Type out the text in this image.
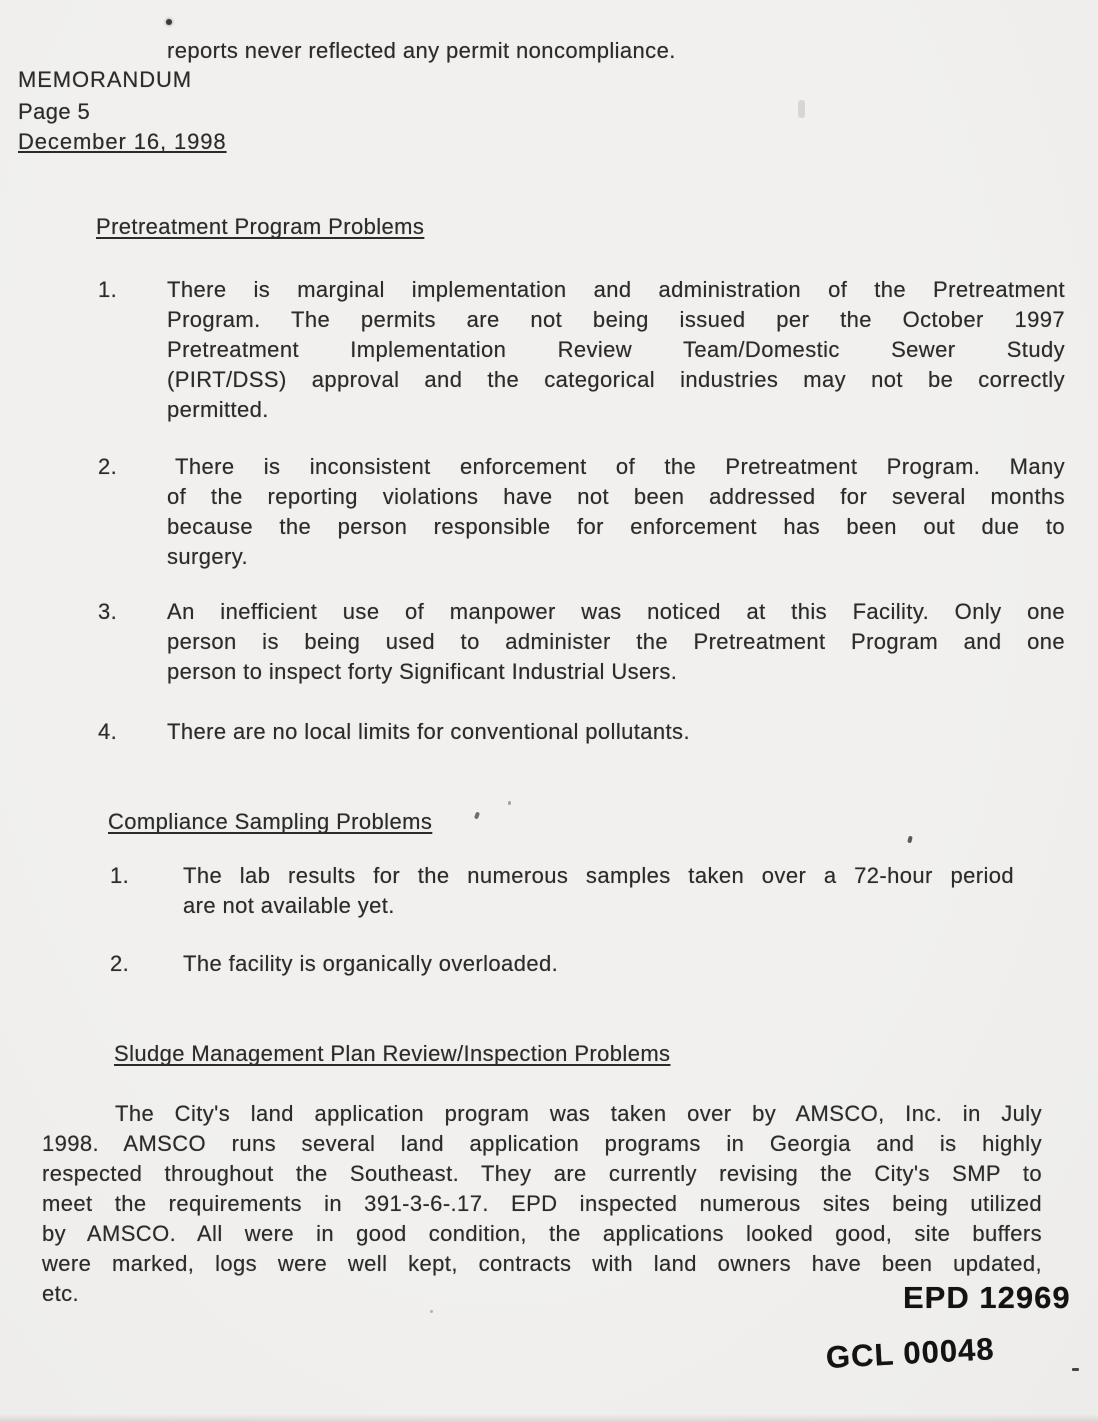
reports never reflected any permit noncompliance.
MEMORANDUM
Page 5
December 16, 1998
Pretreatment Program Problems
1.	There is marginal implementation and administration of the Pretreatment
Program. The permits are not being issued per the October 1997
Pretreatment Implementation Review Team/Domestic Sewer Study
(PIRT/DSS) approval and the categorical industries may not be correctly
permitted.
2.	There is inconsistent enforcement of the Pretreatment Program. Many
of the reporting violations have not been addressed for several months
because the person responsible for enforcement has been out due to
surgery.
3.	An inefficient use of manpower was noticed at this Facility. Only one
person is being used to administer the Pretreatment Program and one
person to inspect forty Significant Industrial Users.
4.	There are no local limits for conventional pollutants.
Compliance Sampling Problems
1.	The lab results for the numerous samples taken over a 72-hour period
are not available yet.
2.	The facility is organically overloaded.
Sludge Management Plan Review/Inspection Problems
The City's land application program was taken over by AMSCO, Inc. in July
1998. AMSCO runs several land application programs in Georgia and is highly
respected throughout the Southeast. They are currently revising the City's SMP to
meet the requirements in 391-3-6-.17. EPD inspected numerous sites being utilized
by AMSCO. All were in good condition, the applications looked good, site buffers
were marked, logs were well kept, contracts with land owners have been updated,
etc.	EPD 12969
GCL 00048
